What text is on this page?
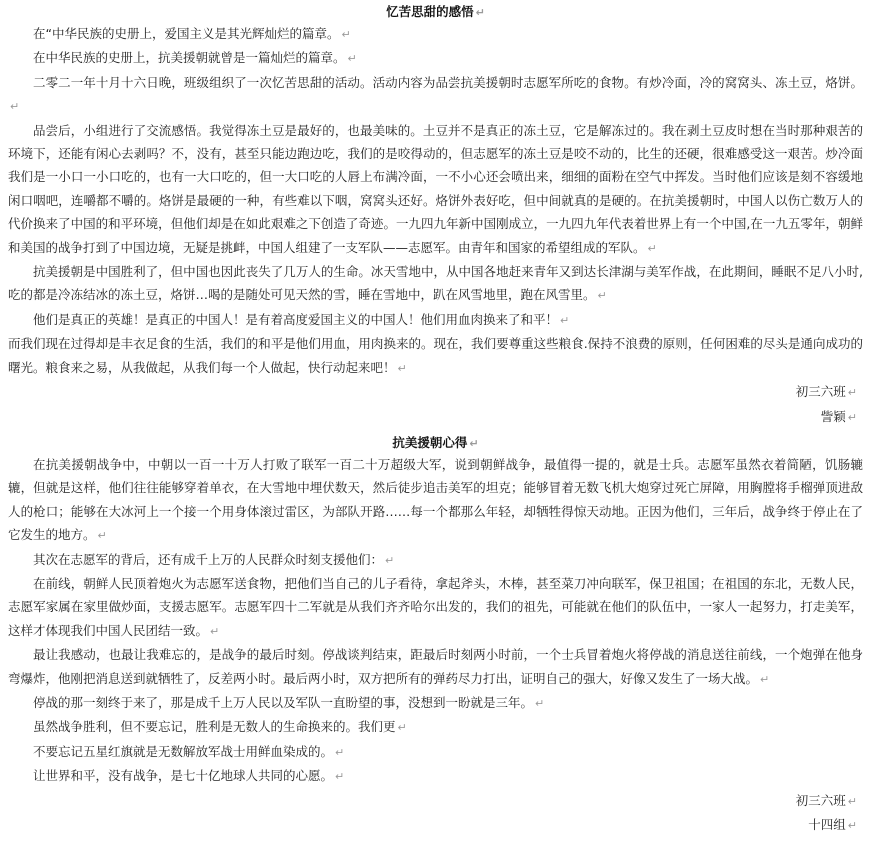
忆苦思甜的感悟 ↵

在“中华民族的史册上，爱国主义是其光辉灿烂的篇章。 ↵

在中华民族的史册上，抗美援朝就曾是一篇灿烂的篇章。 ↵

二零二一年十月十六日晚，班级组织了一次忆苦思甜的活动。活动内容为品尝抗美援朝时志愿军所吃的食物。有炒冷面，冷的窝窝头、冻土豆，烙饼。↵

品尝后，小组进行了交流感悟。我觉得冻土豆是最好的，也最美味的。土豆并不是真正的冻土豆，它是解冻过的。我在剥土豆皮时想在当时那种艰苦的环境下，还能有闲心去剥吗？不，没有，甚至只能边跑边吃，我们的是咬得动的，但志愿军的冻土豆是咬不动的，比生的还硬，很难感受这一艰苦。炒冷面我们是一小口一小口吃的，也有一大口吃的，但一大口吃的人唇上布满冷面，一不小心还会喷出来，细细的面粉在空气中挥发。当时他们应该是刻不容缓地闲口咽吧，连嚼都不嚼的。烙饼是最硬的一种，有些难以下咽，窝窝头还好。烙饼外表好吃，但中间就真的是硬的。在抗美援朝时，中国人以伤亡数万人的代价换来了中国的和平环境，但他们却是在如此艰难之下创造了奇迹。一九四九年新中国刚成立，一九四九年代表着世界上有一个中国,在一九五零年，朝鲜和美国的战争打到了中国边境，无疑是挑衅，中国人组建了一支军队——志愿军。由青年和国家的希望组成的军队。 ↵

抗美援朝是中国胜利了，但中国也因此丧失了几万人的生命。冰天雪地中，从中国各地赶来青年又到达长津湖与美军作战，在此期间，睡眠不足八小时,吃的都是冷冻结冰的冻土豆，烙饼…喝的是随处可见天然的雪，睡在雪地中，趴在风雪地里，跑在风雪里。 ↵

他们是真正的英雄！是真正的中国人！是有着高度爱国主义的中国人！他们用血肉换来了和平！ ↵

而我们现在过得却是丰衣足食的生活，我们的和平是他们用血，用肉换来的。现在，我们要尊重这些粮食.保持不浪费的原则，任何困难的尽头是通向成功的曙光。粮食来之易，从我做起，从我们每一个人做起，快行动起来吧！ ↵

初三六班 ↵
訾颖 ↵
抗美援朝心得 ↵

在抗美援朝战争中，中朝以一百一十万人打败了联军一百二十万超级大军，说到朝鲜战争，最值得一提的，就是士兵。志愿军虽然衣着简陋，饥肠辘辘，但就是这样，他们往往能够穿着单衣，在大雪地中埋伏数天，然后徒步追击美军的坦克；能够冒着无数飞机大炮穿过死亡屏障，用胸膛将手榴弹顶进敌人的枪口；能够在大冰河上一个接一个用身体滚过雷区，为部队开路……每一个都那么年轻，却牺牲得惊天动地。正因为他们，三年后，战争终于停止在了它发生的地方。 ↵

其次在志愿军的背后，还有成千上万的人民群众时刻支援他们： ↵

在前线，朝鲜人民顶着炮火为志愿军送食物，把他们当自己的儿子看待，拿起斧头，木棒，甚至菜刀冲向联军，保卫祖国；在祖国的东北，无数人民，志愿军家属在家里做炒面，支援志愿军。志愿军四十二军就是从我们齐齐哈尔出发的，我们的祖先，可能就在他们的队伍中，一家人一起努力，打走美军，这样才体现我们中国人民团结一致。 ↵

最让我感动，也最让我难忘的，是战争的最后时刻。停战谈判结束，距最后时刻两小时前，一个士兵冒着炮火将停战的消息送往前线，一个炮弹在他身弯爆炸，他刚把消息送到就牺牲了，反差两小时。最后两小时，双方把所有的弹药尽力打出，证明自己的强大，好像又发生了一场大战。 ↵

停战的那一刻终于来了，那是成千上万人民以及军队一直盼望的事，没想到一盼就是三年。 ↵

虽然战争胜利，但不要忘记，胜利是无数人的生命换来的。我们更 ↵

不要忘记五星红旗就是无数解放军战士用鲜血染成的。 ↵

让世界和平，没有战争，是七十亿地球人共同的心愿。 ↵

初三六班 ↵
十四组 ↵
